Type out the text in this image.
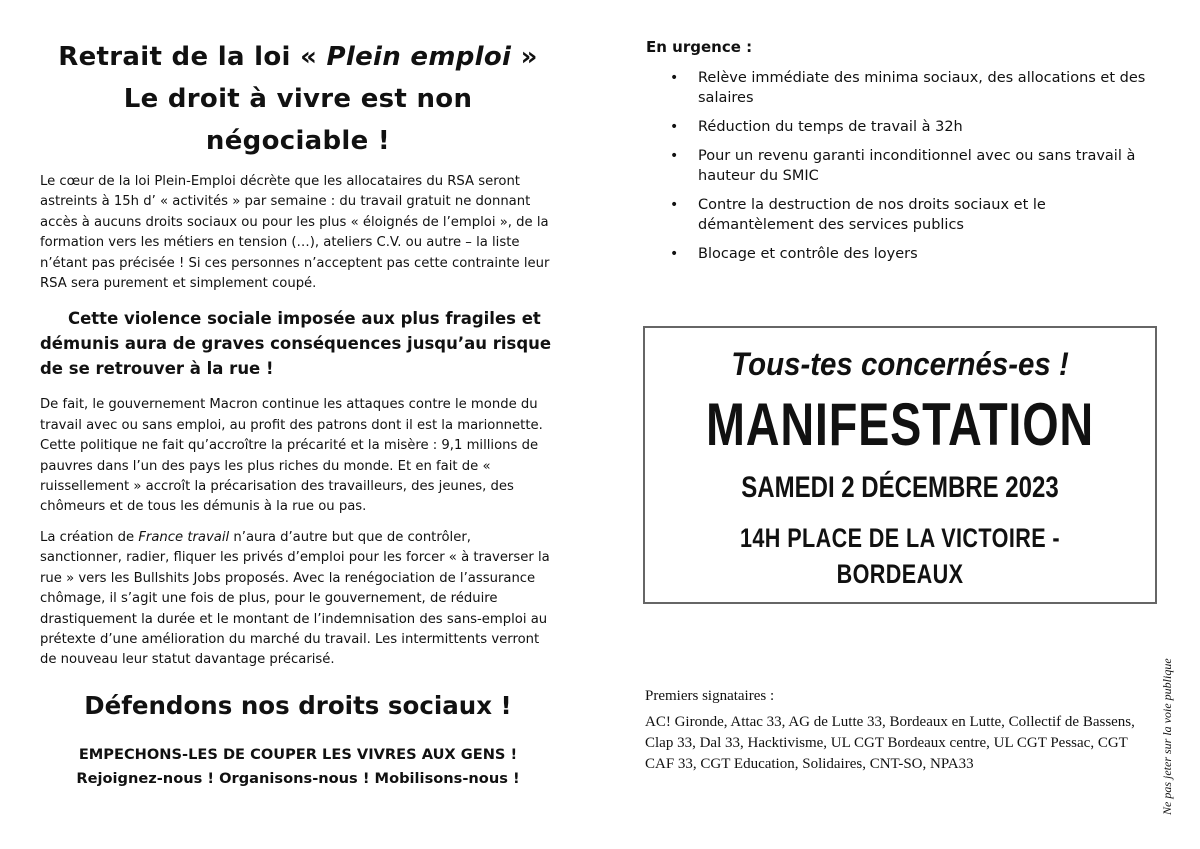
Retrait de la loi « Plein emploi »
Le droit à vivre est non
négociable !

Le cœur de la loi Plein-Emploi décrète que les allocataires du RSA seront astreints à 15h d’ « activités » par semaine : du travail gratuit ne donnant accès à aucuns droits sociaux ou pour les plus « éloignés de l’emploi », de la formation vers les métiers en tension (…), ateliers C.V. ou autre – la liste n’étant pas précisée ! Si ces personnes n’acceptent pas cette contrainte leur RSA sera purement et simplement coupé.

Cette violence sociale imposée aux plus fragiles et démunis aura de graves conséquences jusqu’au risque de se retrouver à la rue !

De fait, le gouvernement Macron continue les attaques contre le monde du travail avec ou sans emploi, au profit des patrons dont il est la marionnette. Cette politique ne fait qu’accroître la précarité et la misère : 9,1 millions de pauvres dans l’un des pays les plus riches du monde. Et en fait de « ruissellement » accroît la précarisation des travailleurs, des jeunes, des chômeurs et de tous les démunis à la rue ou pas.

La création de France travail n’aura d’autre but que de contrôler, sanctionner, radier, fliquer les privés d’emploi pour les forcer « à traverser la rue » vers les Bullshits Jobs proposés. Avec la renégociation de l’assurance chômage, il s’agit une fois de plus, pour le gouvernement, de réduire drastiquement la durée et le montant de l’indemnisation des sans-emploi au prétexte d’une amélioration du marché du travail. Les intermittents verront de nouveau leur statut davantage précarisé.

Défendons nos droits sociaux !

EMPECHONS-LES DE COUPER LES VIVRES AUX GENS !

Rejoignez-nous ! Organisons-nous ! Mobilisons-nous !

En urgence :
• Relève immédiate des minima sociaux, des allocations et des salaires
• Réduction du temps de travail à 32h
• Pour un revenu garanti inconditionnel avec ou sans travail à hauteur du SMIC
• Contre la destruction de nos droits sociaux et le démantèlement des services publics
• Blocage et contrôle des loyers
Tous-tes concernés-es !
MANIFESTATION
SAMEDI 2 DÉCEMBRE 2023
14H PLACE DE LA VICTOIRE - BORDEAUX

Premiers signataires :

AC! Gironde, Attac 33, AG de Lutte 33, Bordeaux en Lutte, Collectif de Bassens, Clap 33, Dal 33, Hacktivisme, UL CGT Bordeaux centre, UL CGT Pessac, CGT CAF 33, CGT Education, Solidaires, CNT-SO, NPA33	Ne pas jeter sur la voie publique
